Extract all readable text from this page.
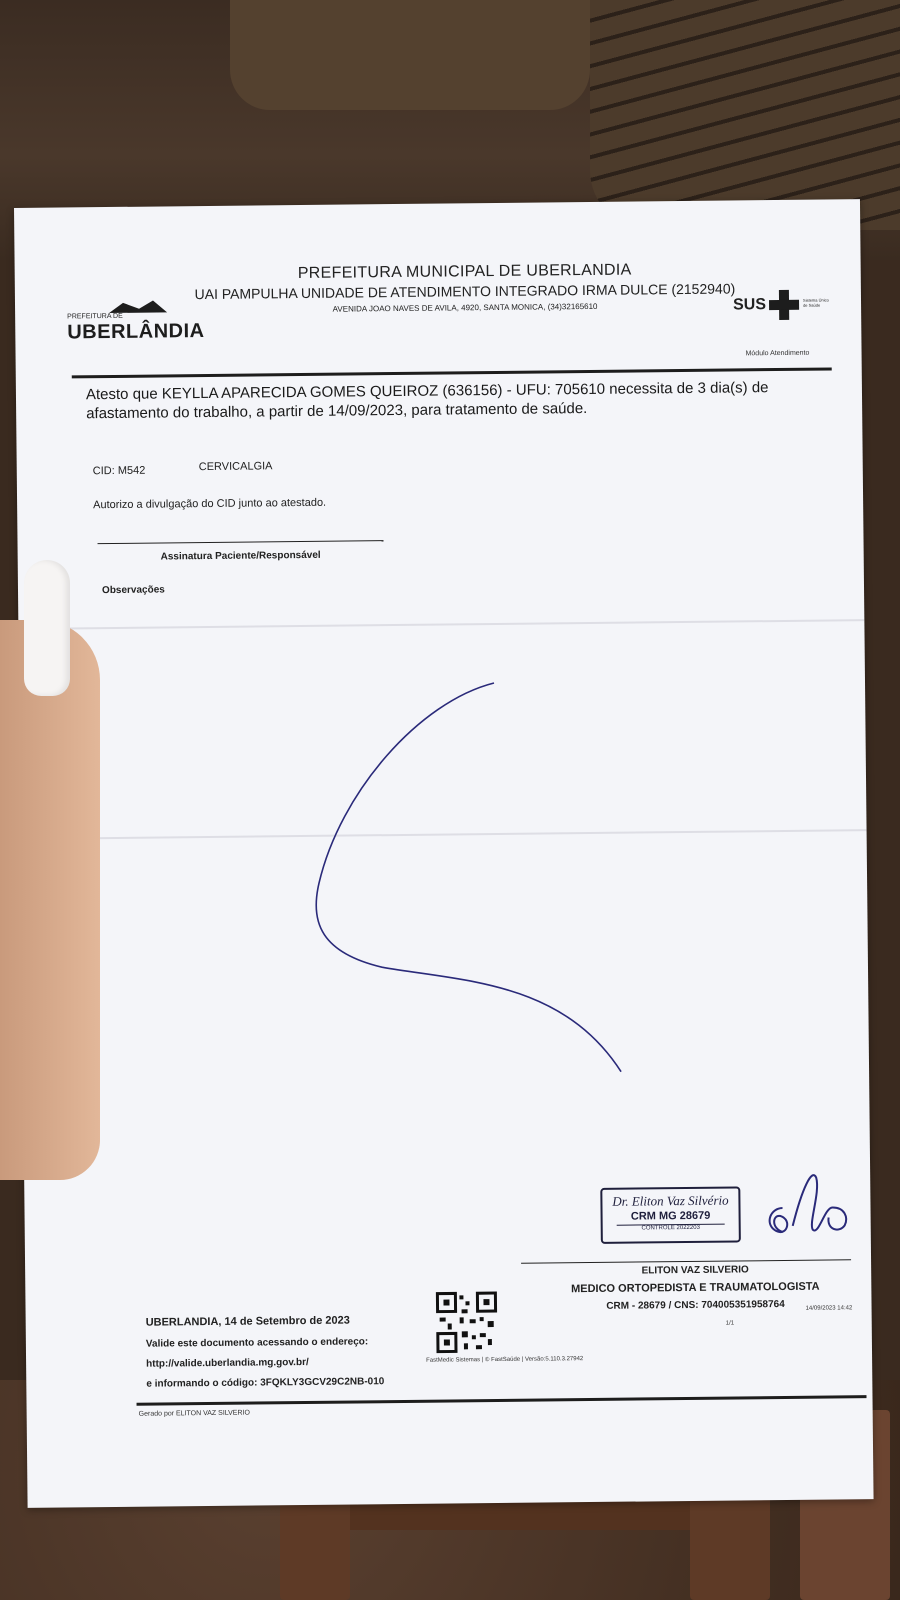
PREFEITURA DE
UBERLÂNDIA
PREFEITURA MUNICIPAL DE UBERLANDIA
UAI PAMPULHA UNIDADE DE ATENDIMENTO INTEGRADO IRMA DULCE (2152940)
AVENIDA JOAO NAVES DE AVILA, 4920, SANTA MONICA, (34)32165610	SUS	Sistema Único de Saúde
Módulo Atendimento
Atesto que KEYLLA APARECIDA GOMES QUEIROZ (636156) - UFU: 705610 necessita de 3 dia(s) de afastamento do trabalho, a partir de 14/09/2023, para tratamento de saúde.
CID: M542	CERVICALGIA
Autorizo a divulgação do CID junto ao atestado.
Assinatura Paciente/Responsável
Observações
Dr. Eliton Vaz Silvério
CRM MG 28679
CONTROLE 2022203
ELITON VAZ SILVERIO
MEDICO ORTOPEDISTA E TRAUMATOLOGISTA
CRM - 28679 / CNS: 704005351958764
UBERLANDIA, 14 de Setembro de 2023
Valide este documento acessando o endereço:
http://valide.uberlandia.mg.gov.br/
e informando o código: 3FQKLY3GCV29C2NB-010
14/09/2023 14:42
1/1
FastMedic Sistemas | © FastSaúde | Versão:5.110.3.27942
Gerado por ELITON VAZ SILVERIO
